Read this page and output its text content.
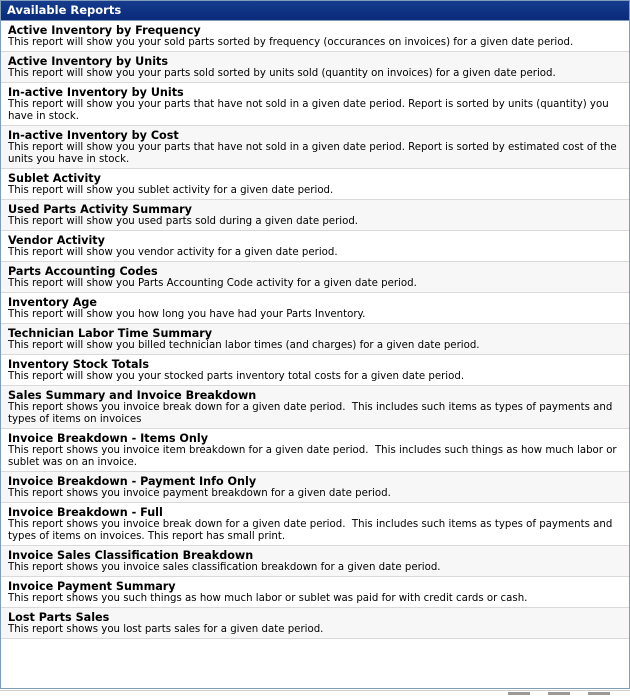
Available Reports
Active Inventory by Frequency
This report will show you your sold parts sorted by frequency (occurances on invoices) for a given date period.
Active Inventory by Units
This report will show you your parts sold sorted by units sold (quantity on invoices) for a given date period.
In-active Inventory by Units
This report will show you your parts that have not sold in a given date period. Report is sorted by units (quantity) you have in stock.
In-active Inventory by Cost
This report will show you your parts that have not sold in a given date period. Report is sorted by estimated cost of the units you have in stock.
Sublet Activity
This report will show you sublet activity for a given date period.
Used Parts Activity Summary
This report will show you used parts sold during a given date period.
Vendor Activity
This report will show you vendor activity for a given date period.
Parts Accounting Codes
This report will show you Parts Accounting Code activity for a given date period.
Inventory Age
This report will show you how long you have had your Parts Inventory.
Technician Labor Time Summary
This report will show you billed technician labor times (and charges) for a given date period.
Inventory Stock Totals
This report will show you your stocked parts inventory total costs for a given date period.
Sales Summary and Invoice Breakdown
This report shows you invoice break down for a given date period.  This includes such items as types of payments and types of items on invoices
Invoice Breakdown - Items Only
This report shows you invoice item breakdown for a given date period.  This includes such things as how much labor or sublet was on an invoice.
Invoice Breakdown - Payment Info Only
This report shows you invoice payment breakdown for a given date period.
Invoice Breakdown - Full
This report shows you invoice break down for a given date period.  This includes such items as types of payments and types of items on invoices. This report has small print.
Invoice Sales Classification Breakdown
This report shows you invoice sales classification breakdown for a given date period.
Invoice Payment Summary
This report shows you such things as how much labor or sublet was paid for with credit cards or cash.
Lost Parts Sales
This report shows you lost parts sales for a given date period.
